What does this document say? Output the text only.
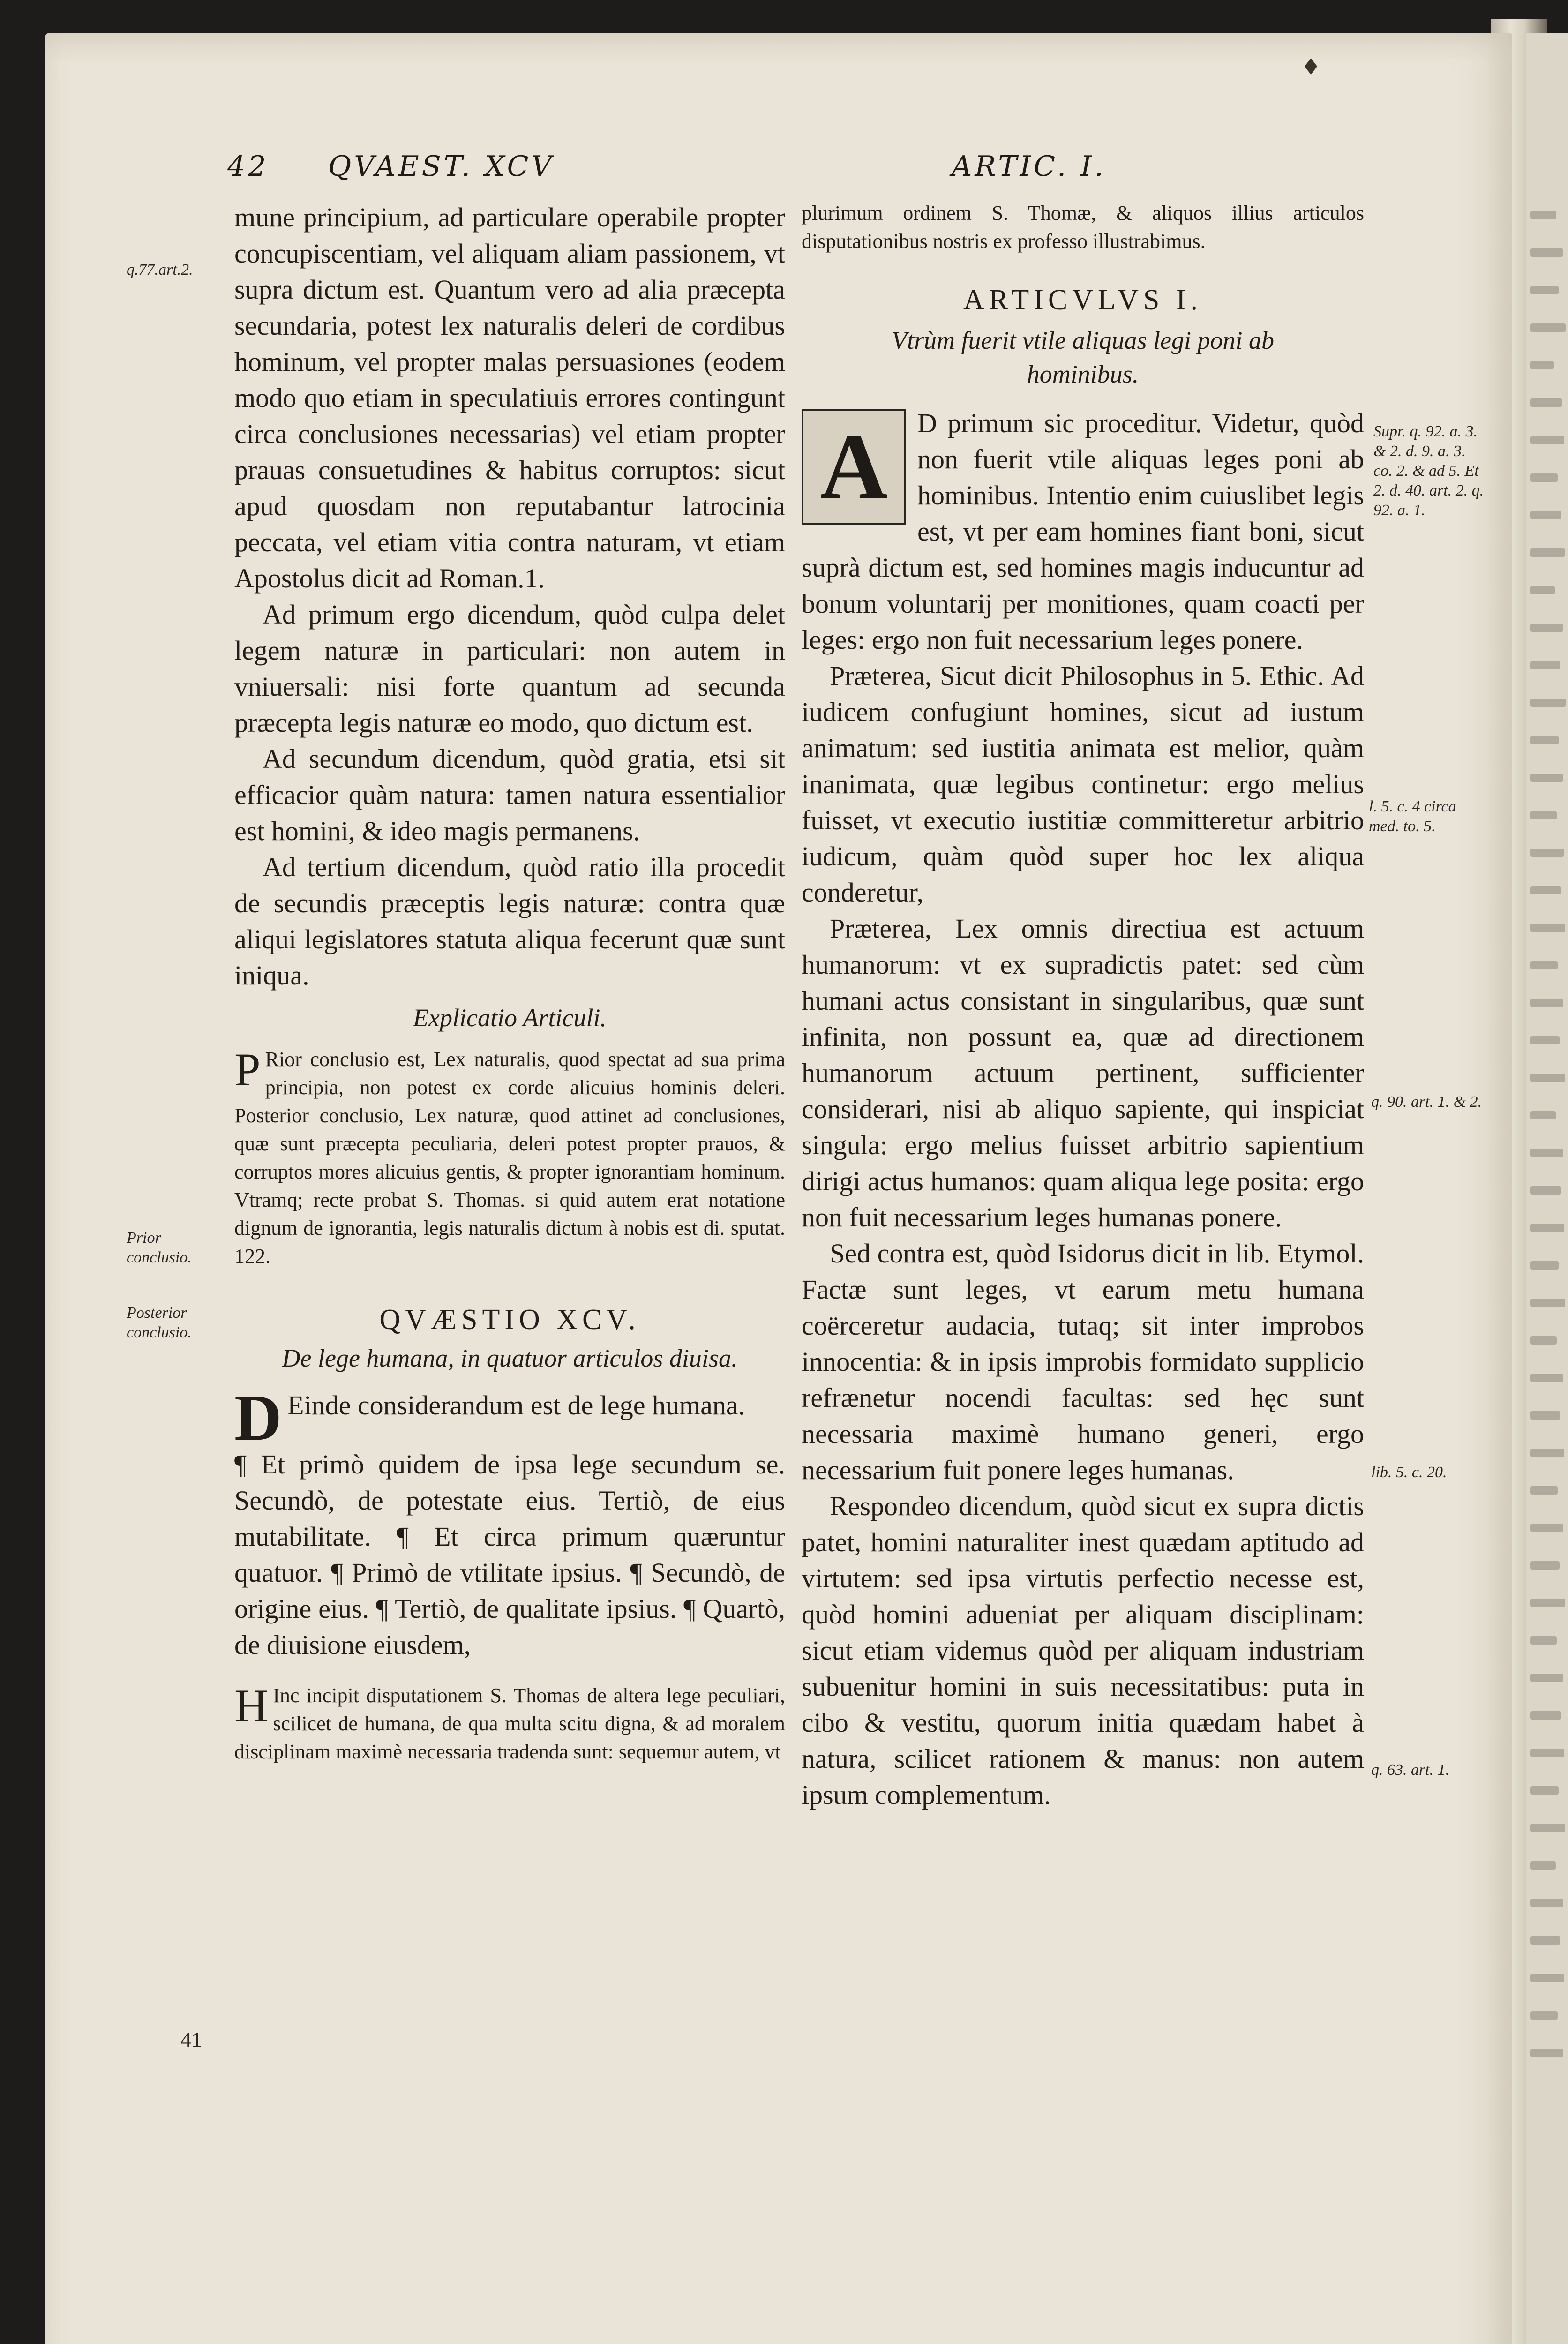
♦
42 QVAEST. XCV	ARTIC. I.

mune principium, ad particulare operabile propter concupiscentiam, vel aliquam aliam passionem, vt supra dictum est. Quantum vero ad alia præcepta secundaria, potest lex naturalis deleri de cordibus hominum, vel propter malas persuasiones (eodem modo quo etiam in speculatiuis errores contingunt circa conclusiones necessarias) vel etiam propter prauas consuetudines & habitus corruptos: sicut apud quosdam non reputabantur latrocinia peccata, vel etiam vitia contra naturam, vt etiam Apostolus dicit ad Roman.1.

Ad primum ergo dicendum, quòd culpa delet legem naturæ in particulari: non autem in vniuersali: nisi forte quantum ad secunda præcepta legis naturæ eo modo, quo dictum est.

Ad secundum dicendum, quòd gratia, etsi sit efficacior quàm natura: tamen natura essentialior est homini, & ideo magis permanens.

Ad tertium dicendum, quòd ratio illa procedit de secundis præceptis legis naturæ: contra quæ aliqui legislatores statuta aliqua fecerunt quæ sunt iniqua.

Explicatio Articuli.

P Rior conclusio est, Lex naturalis, quod spectat ad sua prima principia, non potest ex corde alicuius hominis deleri. Posterior conclusio, Lex naturæ, quod attinet ad conclusiones, quæ sunt præcepta peculiaria, deleri potest propter prauos, & corruptos mores alicuius gentis, & propter ignorantiam hominum. Vtramq; recte probat S. Thomas. si quid autem erat notatione dignum de ignorantia, legis naturalis dictum à nobis est di. sputat. 122.

QVÆSTIO XCV.

De lege humana, in quatuor articulos diuisa.

D Einde considerandum est de lege humana.

¶ Et primò quidem de ipsa lege secundum se. Secundò, de potestate eius. Tertiò, de eius mutabilitate. ¶ Et circa primum quæruntur quatuor. ¶ Primò de vtilitate ipsius. ¶ Secundò, de origine eius. ¶ Tertiò, de qualitate ipsius. ¶ Quartò, de diuisione eiusdem,

H Inc incipit disputationem S. Thomas de altera lege peculiari, scilicet de humana, de qua multa scitu digna, & ad moralem disciplinam maximè necessaria tradenda sunt: sequemur autem, vt

plurimum ordinem S. Thomæ, & aliquos illius articulos disputationibus nostris ex professo illustrabimus.

ARTICVLVS I.

Vtrùm fuerit vtile aliquas legi poni ab hominibus.

A	D primum sic proceditur. Videtur, quòd non fuerit vtile aliquas leges poni ab hominibus. Intentio enim cuiuslibet legis est, vt per eam homines fiant boni, sicut suprà dictum est, sed homines magis inducuntur ad bonum voluntarij per monitiones, quam coacti per leges: ergo non fuit necessarium leges ponere.

Præterea, Sicut dicit Philosophus in 5. Ethic. Ad iudicem confugiunt homines, sicut ad iustum animatum: sed iustitia animata est melior, quàm inanimata, quæ legibus continetur: ergo melius fuisset, vt executio iustitiæ committeretur arbitrio iudicum, quàm quòd super hoc lex aliqua conderetur,

Præterea, Lex omnis directiua est actuum humanorum: vt ex supradictis patet: sed cùm humani actus consistant in singularibus, quæ sunt infinita, non possunt ea, quæ ad directionem humanorum actuum pertinent, sufficienter considerari, nisi ab aliquo sapiente, qui inspiciat singula: ergo melius fuisset arbitrio sapientium dirigi actus humanos: quam aliqua lege posita: ergo non fuit necessarium leges humanas ponere.

Sed contra est, quòd Isidorus dicit in lib. Etymol. Factæ sunt leges, vt earum metu humana coërceretur audacia, tutaq; sit inter improbos innocentia: & in ipsis improbis formidato supplicio refrænetur nocendi facultas: sed hęc sunt necessaria maximè humano generi, ergo necessarium fuit ponere leges humanas.

Respondeo dicendum, quòd sicut ex supra dictis patet, homini naturaliter inest quædam aptitudo ad virtutem: sed ipsa virtutis perfectio necesse est, quòd homini adueniat per aliquam disciplinam: sicut etiam videmus quòd per aliquam industriam subuenitur homini in suis necessitatibus: puta in cibo & vestitu, quorum initia quædam habet à natura, scilicet rationem & manus: non autem ipsum complementum.

q.77.art.2.
Prior conclusio.
Posterior conclusio.
41
Supr. q. 92. a. 3. & 2. d. 9. a. 3. co. 2. & ad 5. Et 2. d. 40. art. 2. q. 92. a. 1.
l. 5. c. 4 circa med. to. 5.
q. 90. art. 1. & 2.
lib. 5. c. 20.
q. 63. art. 1.
